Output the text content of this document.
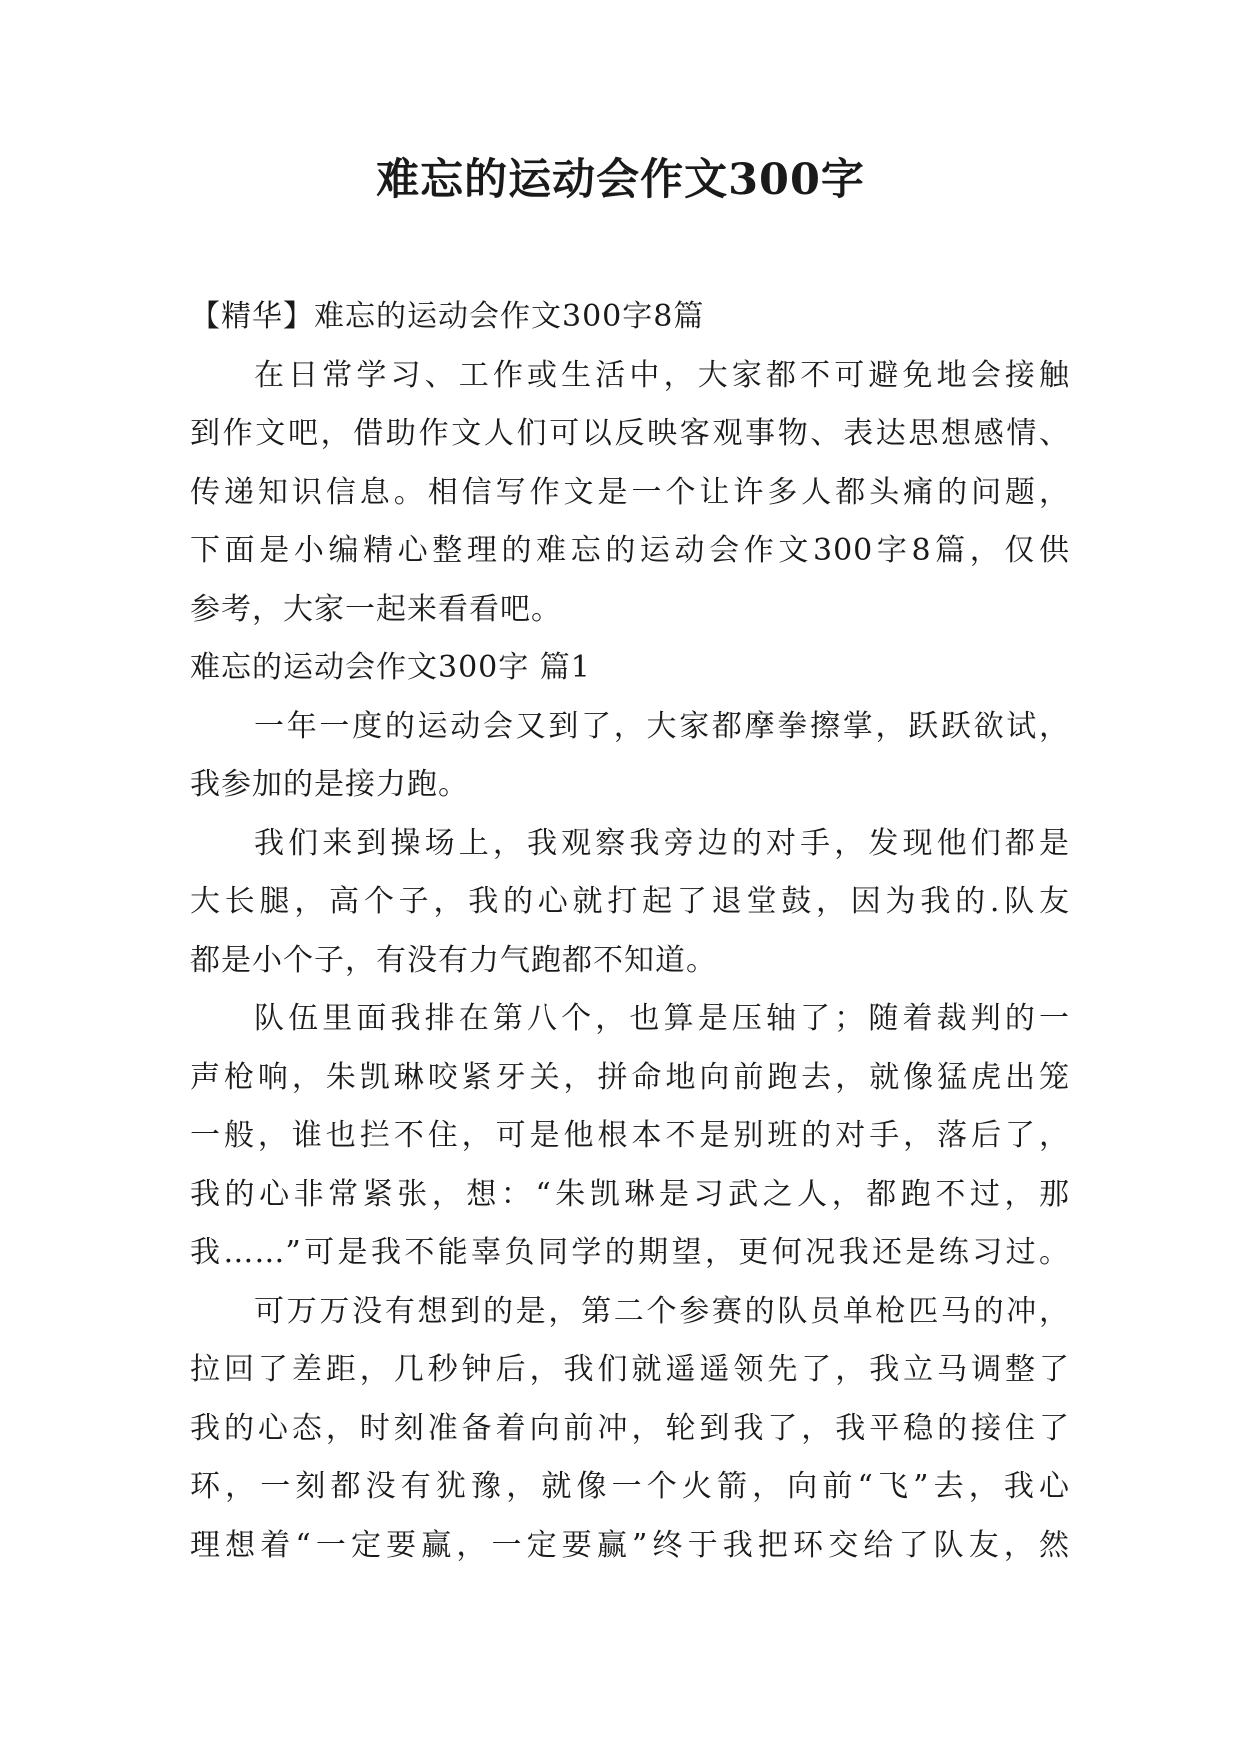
难忘的运动会作文300字
【精华】难忘的运动会作文300字8篇
在日常学习、工作或生活中，大家都不可避免地会接触
到作文吧，借助作文人们可以反映客观事物、表达思想感情、
传递知识信息。相信写作文是一个让许多人都头痛的问题，
下面是小编精心整理的难忘的运动会作文300字8篇，仅供
参考，大家一起来看看吧。
难忘的运动会作文300字 篇1
一年一度的运动会又到了，大家都摩拳擦掌，跃跃欲试，
我参加的是接力跑。
我们来到操场上，我观察我旁边的对手，发现他们都是
大长腿，高个子，我的心就打起了退堂鼓，因为我的.队友
都是小个子，有没有力气跑都不知道。
队伍里面我排在第八个，也算是压轴了；随着裁判的一
声枪响，朱凯琳咬紧牙关，拼命地向前跑去，就像猛虎出笼
一般，谁也拦不住，可是他根本不是别班的对手，落后了，
我的心非常紧张，想：“朱凯琳是习武之人，都跑不过，那
我……”可是我不能辜负同学的期望，更何况我还是练习过。
可万万没有想到的是，第二个参赛的队员单枪匹马的冲，
拉回了差距，几秒钟后，我们就遥遥领先了，我立马调整了
我的心态，时刻准备着向前冲，轮到我了，我平稳的接住了
环，一刻都没有犹豫，就像一个火箭，向前“飞”去，我心
理想着“一定要赢，一定要赢”终于我把环交给了队友，然
